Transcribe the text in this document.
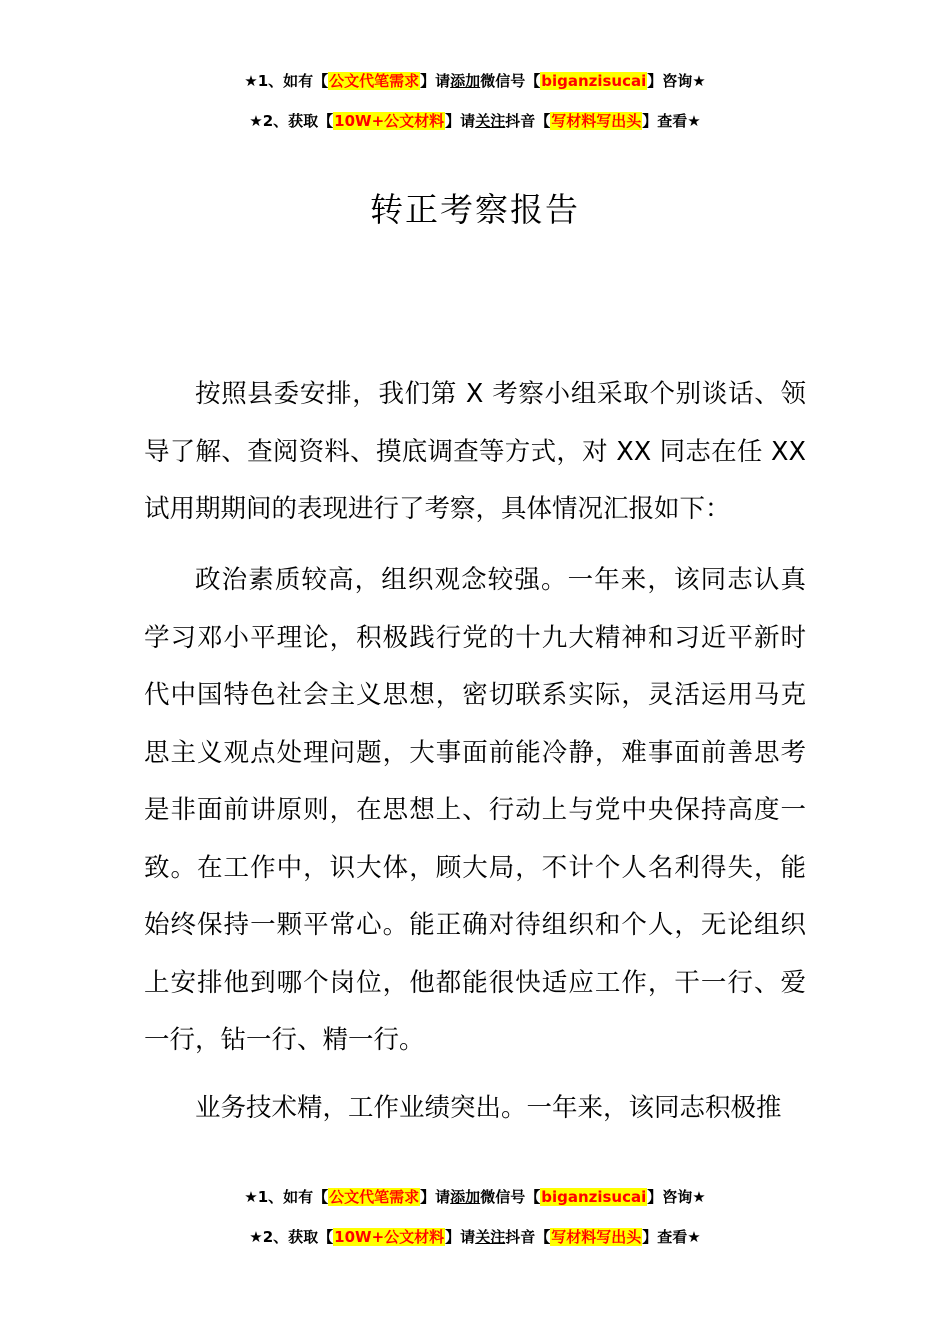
★1、如有【公文代笔需求】请添加微信号【biganzisucai】咨询★
★2、获取【10W+公文材料】请关注抖音【写材料写出头】查看★
转正考察报告

按照县委安排，我们第 X 考察小组采取个别谈话、领导了解、查阅资料、摸底调查等方式，对 XX 同志在任 XX 试用期期间的表现进行了考察，具体情况汇报如下：

政治素质较高，组织观念较强。一年来，该同志认真学习邓小平理论，积极践行党的十九大精神和习近平新时代中国特色社会主义思想，密切联系实际，灵活运用马克思主义观点处理问题，大事面前能冷静，难事面前善思考是非面前讲原则，在思想上、行动上与党中央保持高度一致。在工作中，识大体，顾大局，不计个人名利得失，能始终保持一颗平常心。能正确对待组织和个人，无论组织上安排他到哪个岗位，他都能很快适应工作，干一行、爱一行，钻一行、精一行。

业务技术精，工作业绩突出。一年来，该同志积极推

★1、如有【公文代笔需求】请添加微信号【biganzisucai】咨询★
★2、获取【10W+公文材料】请关注抖音【写材料写出头】查看★
